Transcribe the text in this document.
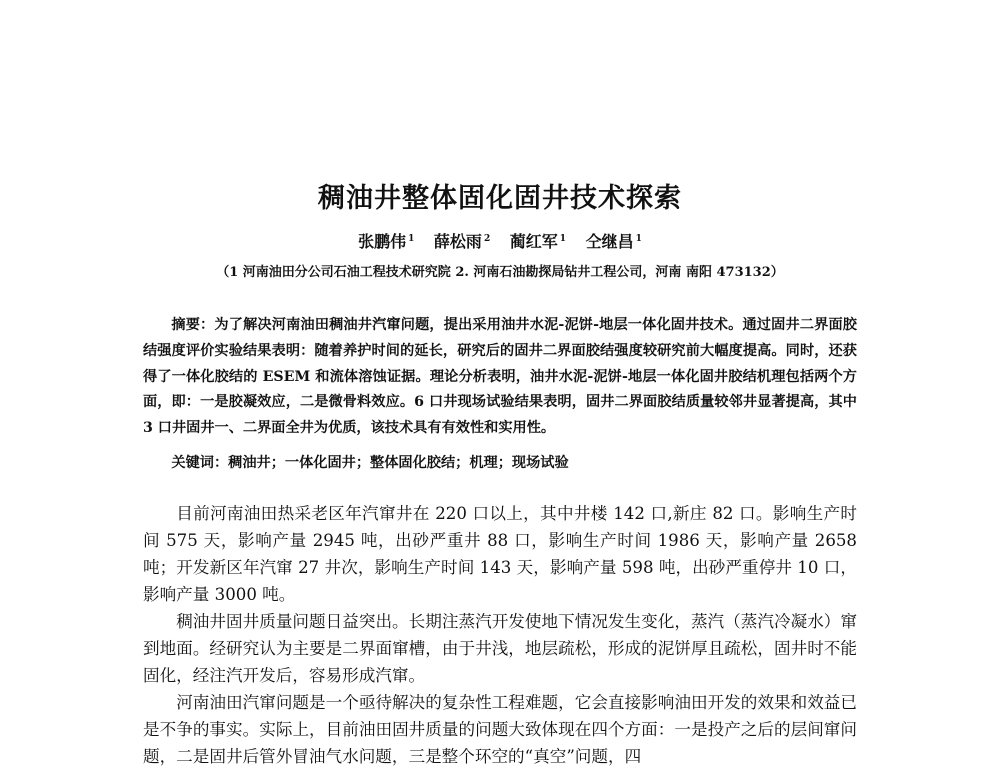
稠油井整体固化固井技术探索
张鹏伟 $^1$ 薛松雨 $^2$ 蔺红军 $^1$ 仝继昌 $^1$
（1 河南油田分公司石油工程技术研究院 2. 河南石油勘探局钻井工程公司，河南 南阳 473132）
摘要：为了解决河南油田稠油井汽窜问题，提出采用油井水泥-泥饼-地层一体化固井技术。通过固井二界面胶结强度评价实验结果表明：随着养护时间的延长，研究后的固井二界面胶结强度较研究前大幅度提高。同时，还获得了一体化胶结的 ESEM 和流体溶蚀证据。理论分析表明，油井水泥-泥饼-地层一体化固井胶结机理包括两个方面，即：一是胶凝效应，二是微骨料效应。6 口井现场试验结果表明，固井二界面胶结质量较邻井显著提高，其中 3 口井固井一、二界面全井为优质，该技术具有有效性和实用性。
关键词：稠油井；一体化固井；整体固化胶结；机理；现场试验

目前河南油田热采老区年汽窜井在 220 口以上，其中井楼 142 口,新庄 82 口。影响生产时间 575 天，影响产量 2945 吨，出砂严重井 88 口，影响生产时间 1986 天，影响产量 2658 吨；开发新区年汽窜 27 井次，影响生产时间 143 天，影响产量 598 吨，出砂严重停井 10 口，影响产量 3000 吨。

稠油井固井质量问题日益突出。长期注蒸汽开发使地下情况发生变化，蒸汽（蒸汽冷凝水）窜到地面。经研究认为主要是二界面窜槽，由于井浅，地层疏松，形成的泥饼厚且疏松，固井时不能固化，经注汽开发后，容易形成汽窜。

河南油田汽窜问题是一个亟待解决的复杂性工程难题，它会直接影响油田开发的效果和效益已是不争的事实。实际上，目前油田固井质量的问题大致体现在四个方面：一是投产之后的层间窜问题，二是固井后管外冒油气水问题，三是整个环空的“真空”问题，四
